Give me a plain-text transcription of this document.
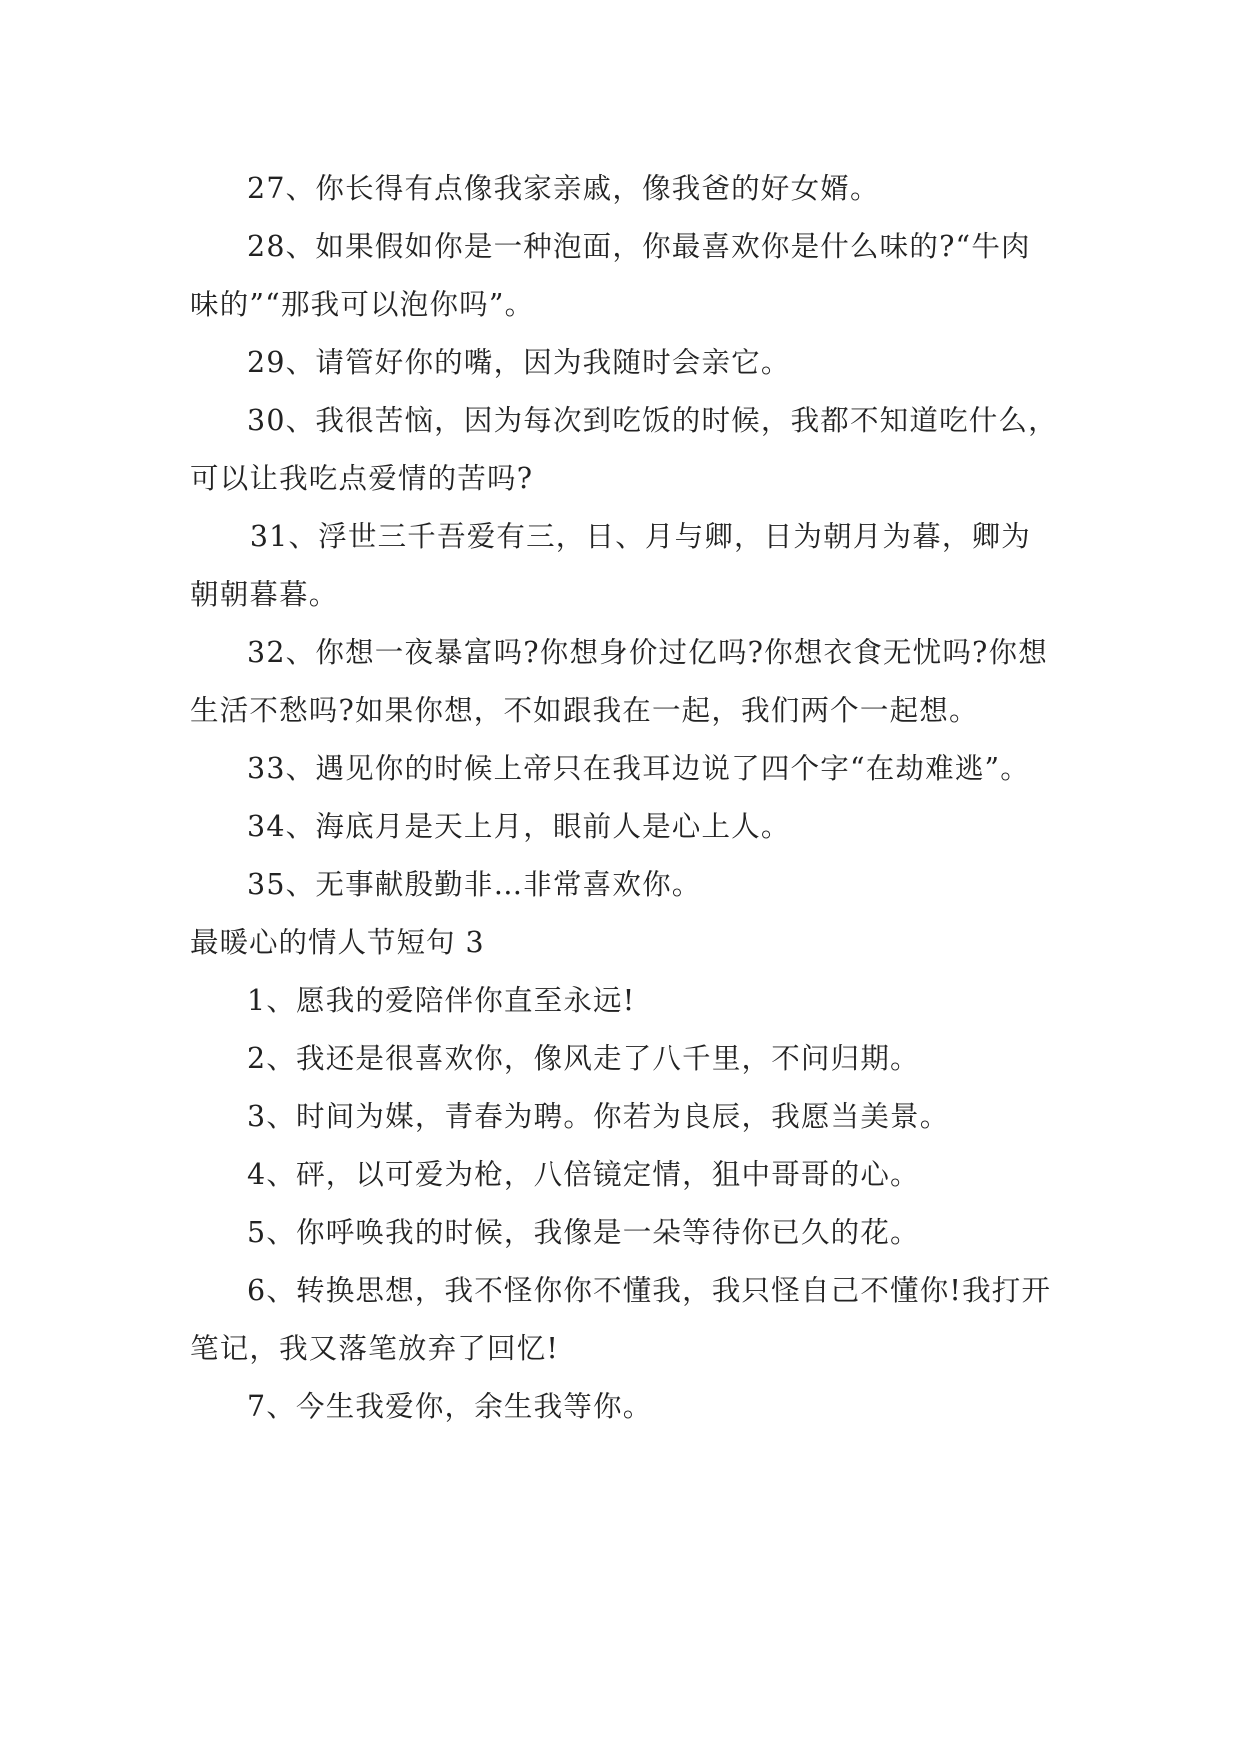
27、你长得有点像我家亲戚，像我爸的好女婿。

28、如果假如你是一种泡面，你最喜欢你是什么味的?“牛肉味的”“那我可以泡你吗”。

29、请管好你的嘴，因为我随时会亲它。

30、我很苦恼，因为每次到吃饭的时候，我都不知道吃什么，可以让我吃点爱情的苦吗?

31、浮世三千吾爱有三，日、月与卿，日为朝月为暮，卿为朝朝暮暮。

32、你想一夜暴富吗?你想身价过亿吗?你想衣食无忧吗?你想生活不愁吗?如果你想，不如跟我在一起，我们两个一起想。

33、遇见你的时候上帝只在我耳边说了四个字“在劫难逃”。

34、海底月是天上月，眼前人是心上人。

35、无事献殷勤非…非常喜欢你。

最暖心的情人节短句 3

1、愿我的爱陪伴你直至永远!

2、我还是很喜欢你，像风走了八千里，不问归期。

3、时间为媒，青春为聘。你若为良辰，我愿当美景。

4、砰，以可爱为枪，八倍镜定情，狙中哥哥的心。

5、你呼唤我的时候，我像是一朵等待你已久的花。

6、转换思想，我不怪你你不懂我，我只怪自己不懂你!我打开笔记，我又落笔放弃了回忆!

7、今生我爱你，余生我等你。
